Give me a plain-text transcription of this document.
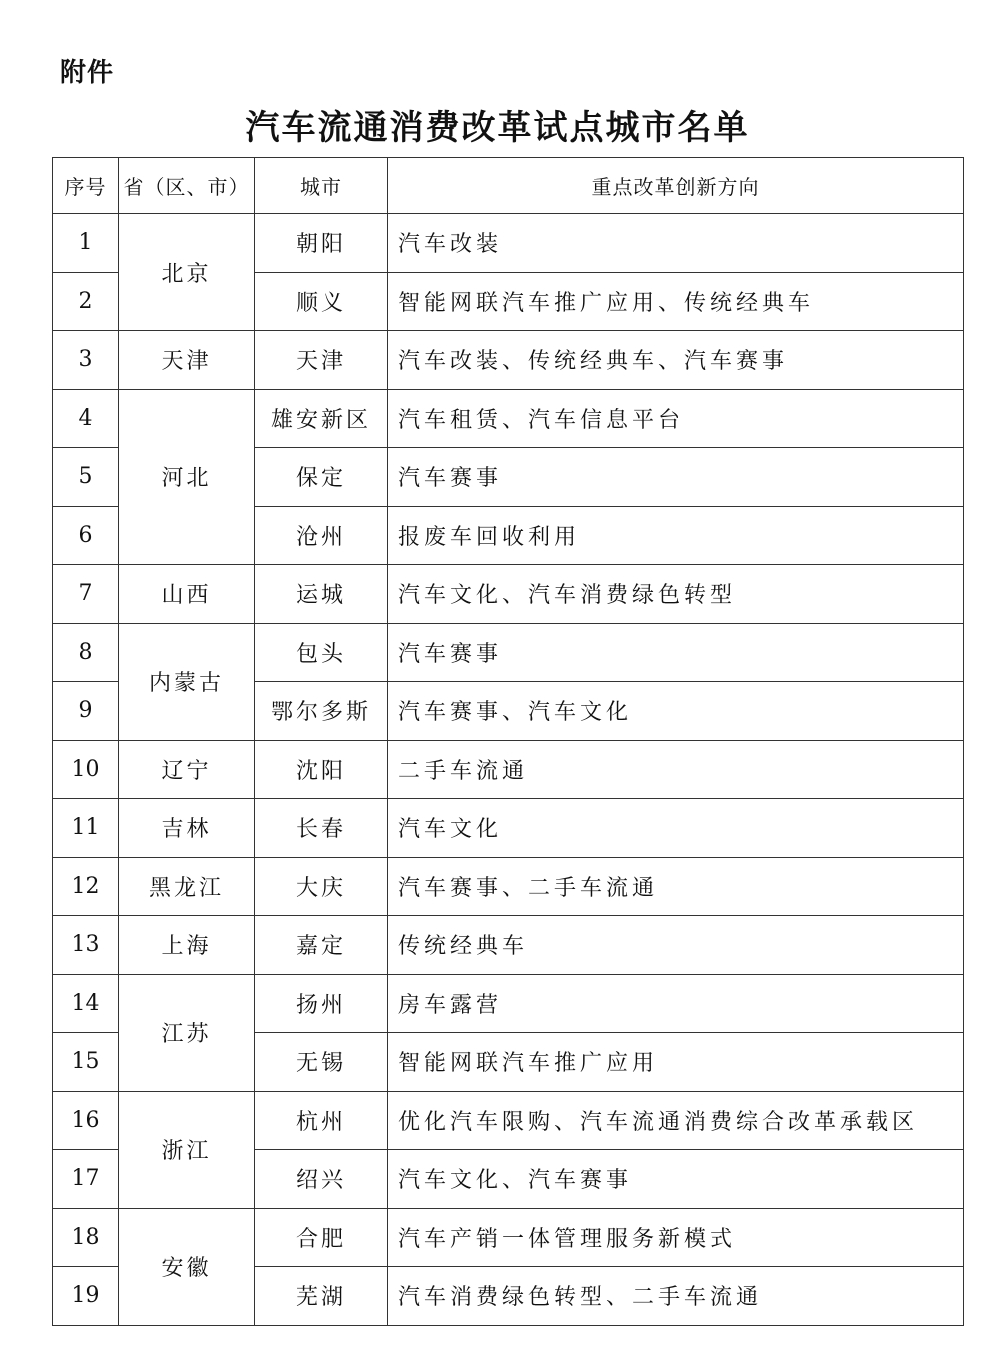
附件
汽车流通消费改革试点城市名单
序号	省（区、市）	城市	重点改革创新方向
1	北京	朝阳	汽车改装
2		顺义	智能网联汽车推广应用、传统经典车
3	天津	天津	汽车改装、传统经典车、汽车赛事
4	河北	雄安新区	汽车租赁、汽车信息平台
5		保定	汽车赛事
6		沧州	报废车回收利用
7	山西	运城	汽车文化、汽车消费绿色转型
8	内蒙古	包头	汽车赛事
9		鄂尔多斯	汽车赛事、汽车文化
10	辽宁	沈阳	二手车流通
11	吉林	长春	汽车文化
12	黑龙江	大庆	汽车赛事、二手车流通
13	上海	嘉定	传统经典车
14	江苏	扬州	房车露营
15		无锡	智能网联汽车推广应用
16	浙江	杭州	优化汽车限购、汽车流通消费综合改革承载区
17		绍兴	汽车文化、汽车赛事
18	安徽	合肥	汽车产销一体管理服务新模式
19		芜湖	汽车消费绿色转型、二手车流通
